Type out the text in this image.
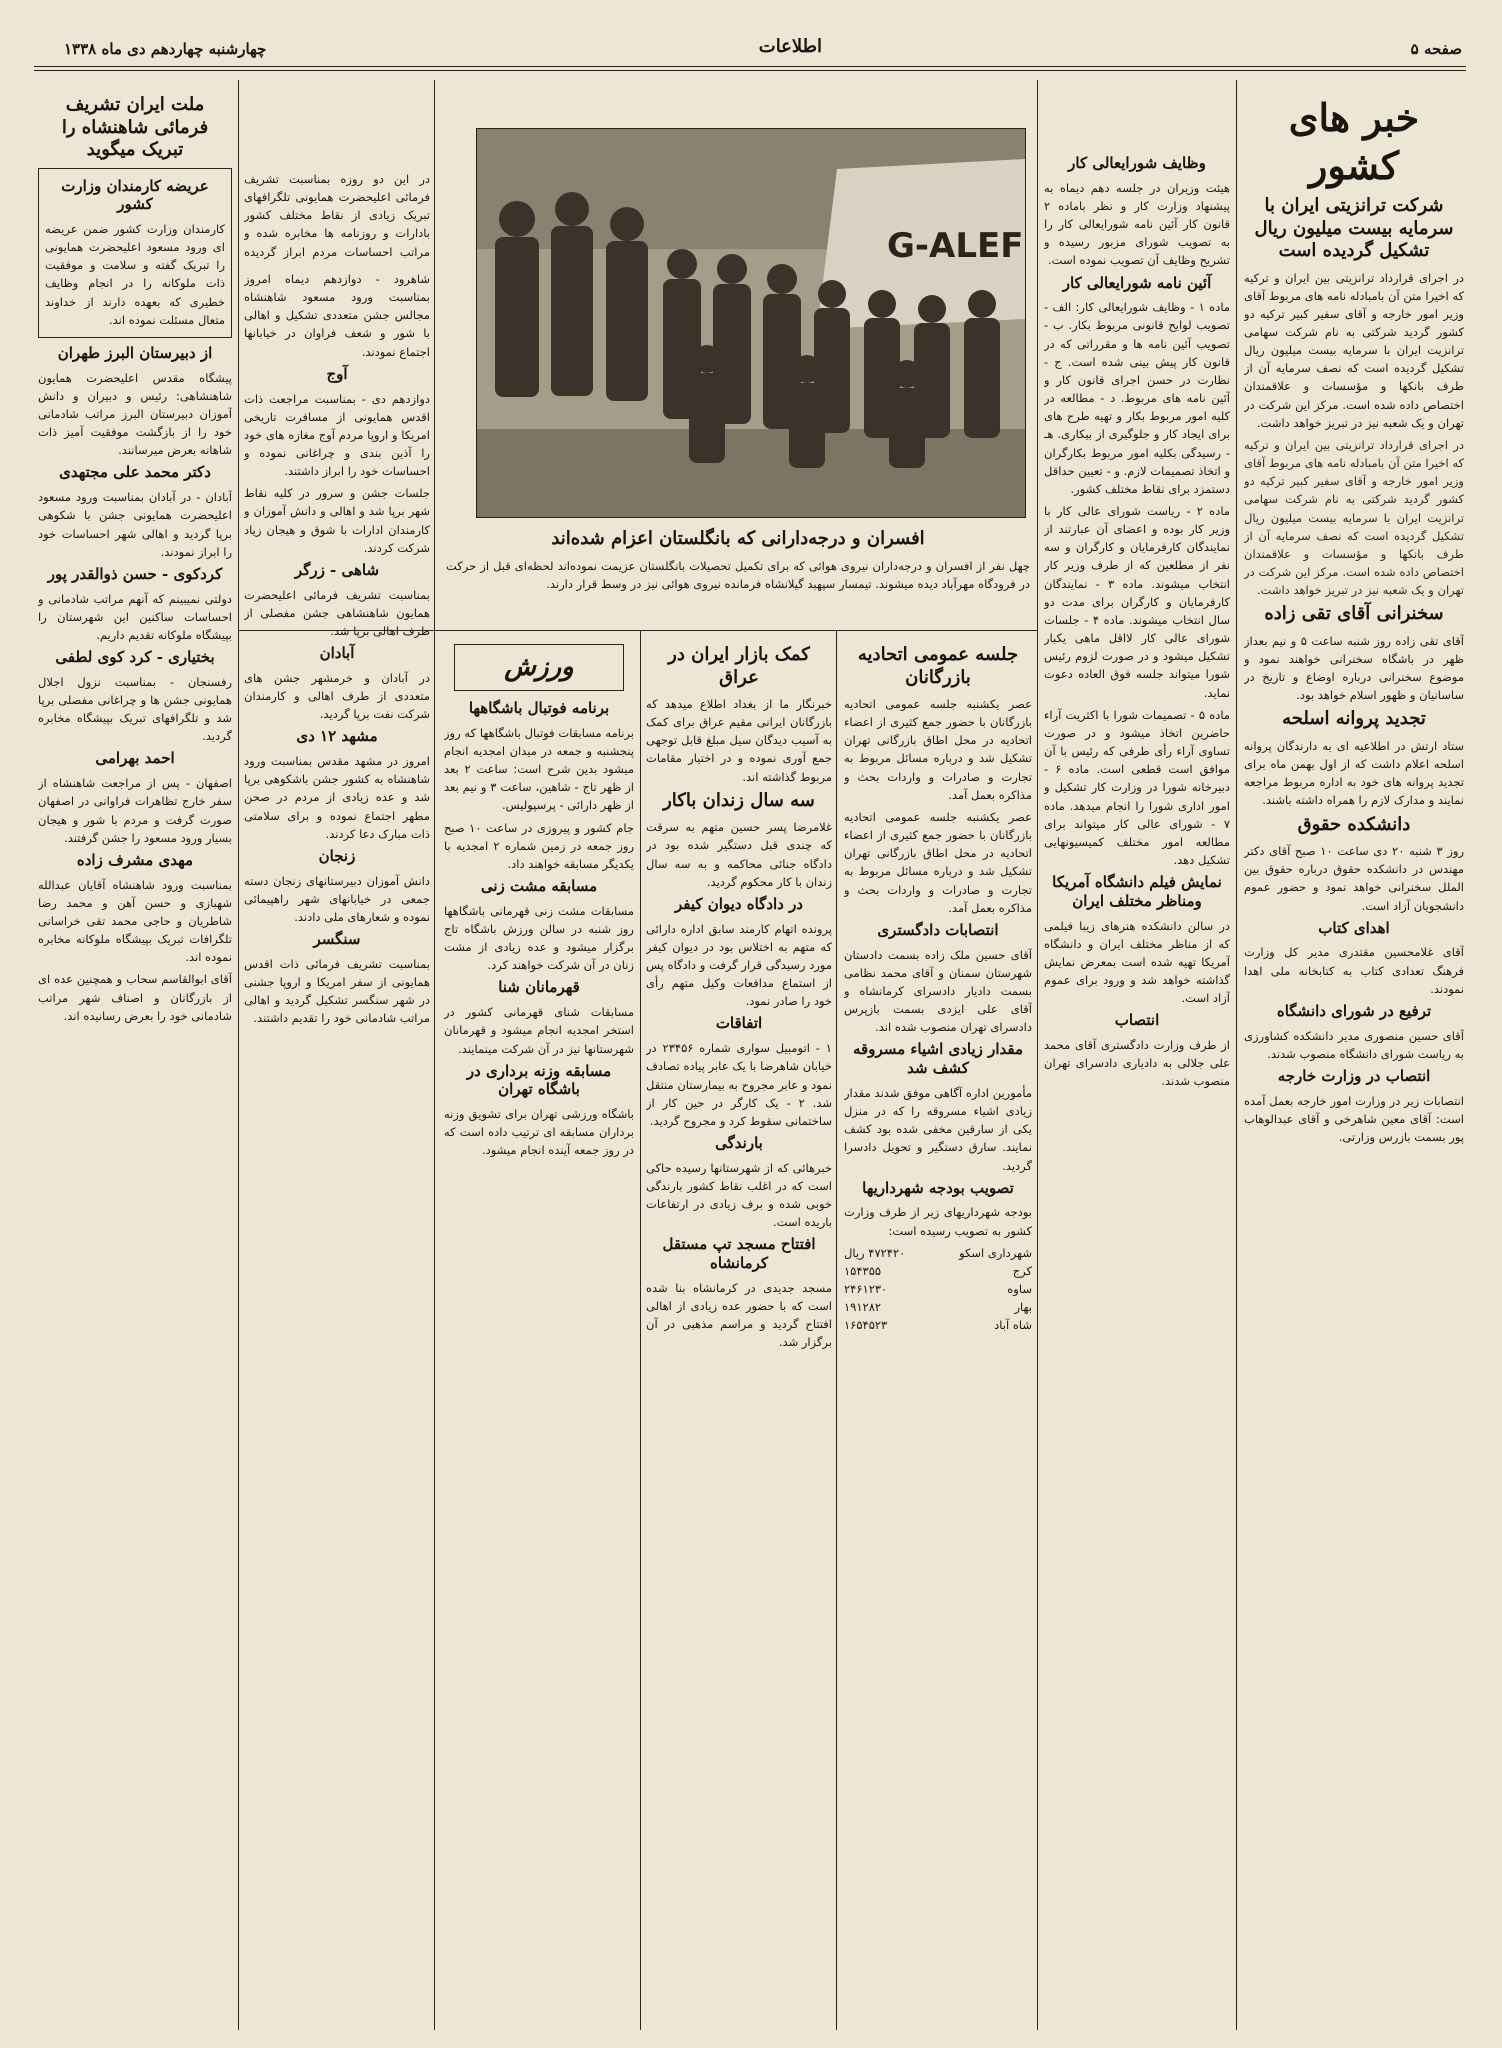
صفحه ۵
اطلاعات
چهارشنبه چهاردهم دی ماه ۱۳۳۸
خبر های کشور
شرکت ترانزیتی ایران با سرمایه بیست میلیون ریال تشکیل گردیده است

در اجرای قرارداد ترانزیتی بین ایران و ترکیه که اخیرا متن آن بامبادله نامه های مربوط آقای وزیر امور خارجه و آقای سفیر کبیر ترکیه دو کشور گردید شرکتی به نام شرکت سهامی ترانزیت ایران با سرمایه بیست میلیون ریال تشکیل گردیده است که نصف سرمایه آن از طرف بانکها و مؤسسات و علاقمندان اختصاص داده شده است. مرکز این شرکت در تهران و یک شعبه نیز در تبریز خواهد داشت.

در اجرای قرارداد ترانزیتی بین ایران و ترکیه که اخیرا متن آن بامبادله نامه های مربوط آقای وزیر امور خارجه و آقای سفیر کبیر ترکیه دو کشور گردید شرکتی به نام شرکت سهامی ترانزیت ایران با سرمایه بیست میلیون ریال تشکیل گردیده است که نصف سرمایه آن از طرف بانکها و مؤسسات و علاقمندان اختصاص داده شده است. مرکز این شرکت در تهران و یک شعبه نیز در تبریز خواهد داشت.

سخنرانی آقای تقی زاده

آقای تقی زاده روز شنبه ساعت ۵ و نیم بعداز ظهر در باشگاه سخنرانی خواهند نمود و موضوع سخنرانی درباره اوضاع و تاریخ در ساسانیان و ظهور اسلام خواهد بود.

تجدید پروانه اسلحه

ستاد ارتش در اطلاعیه ای به دارندگان پروانه اسلحه اعلام داشت که از اول بهمن ماه برای تجدید پروانه های خود به اداره مربوط مراجعه نمایند و مدارک لازم را همراه داشته باشند.

دانشکده حقوق

روز ۳ شنبه ۲۰ دی ساعت ۱۰ صبح آقای دکتر مهندس در دانشکده حقوق درباره حقوق بین الملل سخنرانی خواهد نمود و حضور عموم دانشجویان آزاد است.

اهدای کتاب

آقای غلامحسین مقتدری مدیر کل وزارت فرهنگ تعدادی کتاب به کتابخانه ملی اهدا نمودند.

ترفیع در شورای دانشگاه

آقای حسین منصوری مدیر دانشکده کشاورزی به ریاست شورای دانشگاه منصوب شدند.

انتصاب در وزارت خارجه

انتصابات زیر در وزارت امور خارجه بعمل آمده است: آقای معین شاهرخی و آقای عبدالوهاب پور بسمت بازرس وزارتی.

وظایف شورایعالی کار

هیئت وزیران در جلسه دهم دیماه به پیشنهاد وزارت کار و نظر باماده ۲ قانون کار آئین نامه شورایعالی کار را به تصویب شورای مزبور رسیده و تشریح وظایف آن تصویب نموده است.

آئین نامه شورایعالی کار

ماده ۱ - وظایف شورایعالی کار: الف - تصویب لوایح قانونی مربوط بکار. ب - تصویب آئین نامه ها و مقرراتی که در قانون کار پیش بینی شده است. ج - نظارت در حسن اجرای قانون کار و آئین نامه های مربوط. د - مطالعه در کلیه امور مربوط بکار و تهیه طرح های برای ایجاد کار و جلوگیری از بیکاری. هـ - رسیدگی بکلیه امور مربوط بکارگران و اتخاذ تصمیمات لازم. و - تعیین حداقل دستمزد برای نقاط مختلف کشور.

ماده ۲ - ریاست شورای عالی کار با وزیر کار بوده و اعضای آن عبارتند از نمایندگان کارفرمایان و کارگران و سه نفر از مطلعین که از طرف وزیر کار انتخاب میشوند. ماده ۳ - نمایندگان کارفرمایان و کارگران برای مدت دو سال انتخاب میشوند. ماده ۴ - جلسات شورای عالی کار لااقل ماهی یکبار تشکیل میشود و در صورت لزوم رئیس شورا میتواند جلسه فوق العاده دعوت نماید.

ماده ۵ - تصمیمات شورا با اکثریت آراء حاضرین اتخاذ میشود و در صورت تساوی آراء رأی طرفی که رئیس با آن موافق است قطعی است. ماده ۶ - دبیرخانه شورا در وزارت کار تشکیل و امور اداری شورا را انجام میدهد. ماده ۷ - شورای عالی کار میتواند برای مطالعه امور مختلف کمیسیونهایی تشکیل دهد.

نمایش فیلم دانشگاه آمریکا ومناظر مختلف ایران

در سالن دانشکده هنرهای زیبا فیلمی که از مناظر مختلف ایران و دانشگاه آمریکا تهیه شده است بمعرض نمایش گذاشته خواهد شد و ورود برای عموم آزاد است.

انتصاب

از طرف وزارت دادگستری آقای محمد علی جلالی به دادیاری دادسرای تهران منصوب شدند.

G-ALEF
افسران و درجه‌دارانی که بانگلستان اعزام شده‌اند

چهل نفر از افسران و درجه‌داران نیروی هوائی که برای تکمیل تحصیلات بانگلستان عزیمت نموده‌اند لحظه‌ای قبل از حرکت در فرودگاه مهرآباد دیده میشوند. تیمسار سپهبد گیلانشاه فرمانده نیروی هوائی نیز در وسط قرار دارند.

ملت ایران تشریف فرمائی شاهنشاه را تبریک میگوید
عریضه کارمندان وزارت کشور

کارمندان وزارت کشور ضمن عریضه ای ورود مسعود اعلیحضرت همایونی را تبریک گفته و سلامت و موفقیت ذات ملوکانه را در انجام وظایف خطیری که بعهده دارند از خداوند متعال مسئلت نموده اند.

از دبیرستان البرز طهران

پیشگاه مقدس اعلیحضرت همایون شاهنشاهی: رئیس و دبیران و دانش آموزان دبیرستان البرز مراتب شادمانی خود را از بازگشت موفقیت آمیز ذات شاهانه بعرض میرسانند.

دکتر محمد علی مجتهدی

آبادان - در آبادان بمناسبت ورود مسعود اعلیحضرت همایونی جشن با شکوهی برپا گردید و اهالی شهر احساسات خود را ابراز نمودند.

کردکوی - حسن ذوالقدر پور

دولتی نمیبینم که آنهم مراتب شادمانی و احساسات ساکنین این شهرستان را بپیشگاه ملوکانه تقدیم داریم.

بختیاری - کرد کوی لطفی

رفسنجان - بمناسبت نزول اجلال همایونی جشن ها و چراغانی مفصلی برپا شد و تلگرافهای تبریک بپیشگاه مخابره گردید.

احمد بهرامی

اصفهان - پس از مراجعت شاهنشاه از سفر خارج تظاهرات فراوانی در اصفهان صورت گرفت و مردم با شور و هیجان بسیار ورود مسعود را جشن گرفتند.

مهدی مشرف زاده

بمناسبت ورود شاهنشاه آقایان عبدالله شهبازی و حسن آهن و محمد رضا شاطریان و حاجی محمد تقی خراسانی تلگرافات تبریک بپیشگاه ملوکانه مخابره نموده اند.

آقای ابوالقاسم سحاب و همچنین عده ای از بازرگانان و اصناف شهر مراتب شادمانی خود را بعرض رسانیده اند.

در این دو روزه بمناسبت تشریف فرمائی اعلیحضرت همایونی تلگرافهای تبریک زیادی از نقاط مختلف کشور بادارات و روزنامه ها مخابره شده و مراتب احساسات مردم ابراز گردیده

شاهرود - دوازدهم دیماه امروز بمناسبت ورود مسعود شاهنشاه مجالس جشن متعددی تشکیل و اهالی با شور و شعف فراوان در خیابانها اجتماع نمودند.

آوج

دوازدهم دی - بمناسبت مراجعت ذات اقدس همایونی از مسافرت تاریخی امریکا و اروپا مردم آوج مغازه های خود را آذین بندی و چراغانی نموده و احساسات خود را ابراز داشتند.

جلسات جشن و سرور در کلیه نقاط شهر برپا شد و اهالی و دانش آموزان و کارمندان ادارات با شوق و هیجان زیاد شرکت کردند.

شاهی - زرگر

بمناسبت تشریف فرمائی اعلیحضرت همایون شاهنشاهی جشن مفصلی از طرف اهالی برپا شد.

آبادان

در آبادان و خرمشهر جشن های متعددی از طرف اهالی و کارمندان شرکت نفت برپا گردید.

مشهد ۱۲ دی

امروز در مشهد مقدس بمناسبت ورود شاهنشاه به کشور جشن باشکوهی برپا شد و عده زیادی از مردم در صحن مطهر اجتماع نموده و برای سلامتی ذات مبارک دعا کردند.

زنجان

دانش آموزان دبیرستانهای زنجان دسته جمعی در خیابانهای شهر راهپیمائی نموده و شعارهای ملی دادند.

سنگسر

بمناسبت تشریف فرمائی ذات اقدس همایونی از سفر امریکا و اروپا جشنی در شهر سنگسر تشکیل گردید و اهالی مراتب شادمانی خود را تقدیم داشتند.

ورزش
برنامه فوتبال باشگاهها

برنامه مسابقات فوتبال باشگاهها که روز پنجشنبه و جمعه در میدان امجدیه انجام میشود بدین شرح است: ساعت ۲ بعد از ظهر تاج - شاهین، ساعت ۳ و نیم بعد از ظهر دارائی - پرسپولیس.

جام کشور و پیروزی در ساعت ۱۰ صبح روز جمعه در زمین شماره ۲ امجدیه با یکدیگر مسابقه خواهند داد.

مسابقه مشت زنی

مسابقات مشت زنی قهرمانی باشگاهها روز شنبه در سالن ورزش باشگاه تاج برگزار میشود و عده زیادی از مشت زنان در آن شرکت خواهند کرد.

قهرمانان شنا

مسابقات شنای قهرمانی کشور در استخر امجدیه انجام میشود و قهرمانان شهرستانها نیز در آن شرکت مینمایند.

مسابقه وزنه برداری در باشگاه تهران

باشگاه ورزشی تهران برای تشویق وزنه برداران مسابقه ای ترتیب داده است که در روز جمعه آینده انجام میشود.

کمک بازار ایران در عراق

خبرنگار ما از بغداد اطلاع میدهد که بازرگانان ایرانی مقیم عراق برای کمک به آسیب دیدگان سیل مبلغ قابل توجهی جمع آوری نموده و در اختیار مقامات مربوط گذاشته اند.

سه سال زندان باکار

غلامرضا پسر حسین متهم به سرقت که چندی قبل دستگیر شده بود در دادگاه جنائی محاکمه و به سه سال زندان با کار محکوم گردید.

در دادگاه دیوان کیفر

پرونده اتهام کارمند سابق اداره دارائی که متهم به اختلاس بود در دیوان کیفر مورد رسیدگی قرار گرفت و دادگاه پس از استماع مدافعات وکیل متهم رأی خود را صادر نمود.

اتفاقات

۱ - اتومبیل سواری شماره ۲۳۴۵۶ در خیابان شاهرضا با یک عابر پیاده تصادف نمود و عابر مجروح به بیمارستان منتقل شد. ۲ - یک کارگر در حین کار از ساختمانی سقوط کرد و مجروح گردید.

بارندگی

خبرهائی که از شهرستانها رسیده حاکی است که در اغلب نقاط کشور بارندگی خوبی شده و برف زیادی در ارتفاعات باریده است.

افتتاح مسجد تپ مستقل کرمانشاه

مسجد جدیدی در کرمانشاه بنا شده است که با حضور عده زیادی از اهالی افتتاح گردید و مراسم مذهبی در آن برگزار شد.

جلسه عمومی اتحادیه بازرگانان

عصر یکشنبه جلسه عمومی اتحادیه بازرگانان با حضور جمع کثیری از اعضاء اتحادیه در محل اطاق بازرگانی تهران تشکیل شد و درباره مسائل مربوط به تجارت و صادرات و واردات بحث و مذاکره بعمل آمد.

عصر یکشنبه جلسه عمومی اتحادیه بازرگانان با حضور جمع کثیری از اعضاء اتحادیه در محل اطاق بازرگانی تهران تشکیل شد و درباره مسائل مربوط به تجارت و صادرات و واردات بحث و مذاکره بعمل آمد.

انتصابات دادگستری

آقای حسین ملک زاده بسمت دادستان شهرستان سمنان و آقای محمد نظامی بسمت دادیار دادسرای کرمانشاه و آقای علی ایزدی بسمت بازپرس دادسرای تهران منصوب شده اند.

مقدار زیادی اشیاء مسروقه کشف شد

مأمورین اداره آگاهی موفق شدند مقدار زیادی اشیاء مسروقه را که در منزل یکی از سارقین مخفی شده بود کشف نمایند. سارق دستگیر و تحویل دادسرا گردید.

تصویب بودجه شهرداریها

بودجه شهرداریهای زیر از طرف وزارت کشور به تصویب رسیده است:

شهرداری اسکو
۴۷۲۴۲۰ ریال
کرج
۱۵۴۳۵۵
ساوه
۲۴۶۱۲۳۰
بهار
۱۹۱۲۸۲
شاه آباد
۱۶۵۴۵۲۳
